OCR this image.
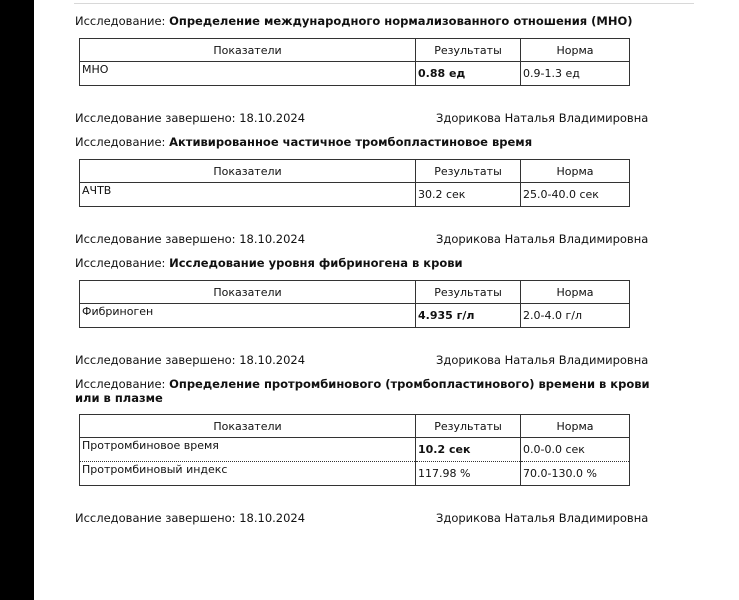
Исследование: Определение международного нормализованного отношения (МНО)
Показатели	Результаты	Норма
МНО	0.88 ед	0.9-1.3 ед
Исследование завершено: 18.10.2024	Здорикова Наталья Владимировна
Исследование: Активированное частичное тромбопластиновое время
Показатели	Результаты	Норма
АЧТВ	30.2 сек	25.0-40.0 сек
Исследование завершено: 18.10.2024	Здорикова Наталья Владимировна
Исследование: Исследование уровня фибриногена в крови
Показатели	Результаты	Норма
Фибриноген	4.935 г/л	2.0-4.0 г/л
Исследование завершено: 18.10.2024	Здорикова Наталья Владимировна
Исследование: Определение протромбинового (тромбопластинового) времени в крови или в плазме
Показатели	Результаты	Норма
Протромбиновое время	10.2 сек	0.0-0.0 сек
Протромбиновый индекс	117.98 %	70.0-130.0 %
Исследование завершено: 18.10.2024	Здорикова Наталья Владимировна
